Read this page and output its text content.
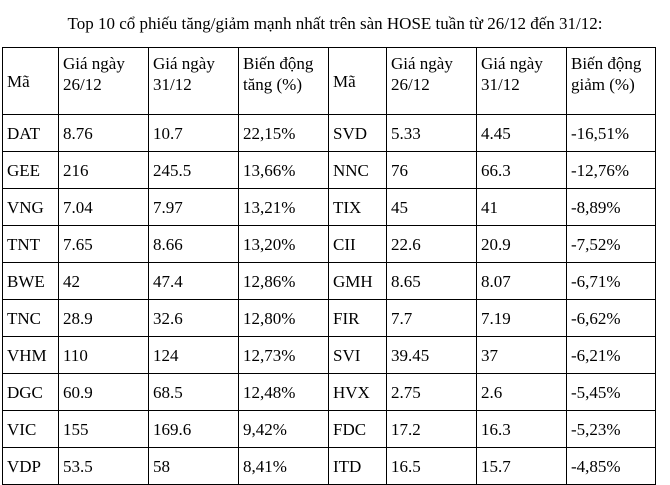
Top 10 cổ phiếu tăng/giảm mạnh nhất trên sàn HOSE tuần từ 26/12 đến 31/12:
Mã	Giá ngày 26/12	Giá ngày 31/12	Biến động tăng (%)	Mã	Giá ngày 26/12	Giá ngày 31/12	Biến động giảm (%)
DAT	8.76	10.7	22,15%	SVD	5.33	4.45	-16,51%
GEE	216	245.5	13,66%	NNC	76	66.3	-12,76%
VNG	7.04	7.97	13,21%	TIX	45	41	-8,89%
TNT	7.65	8.66	13,20%	CII	22.6	20.9	-7,52%
BWE	42	47.4	12,86%	GMH	8.65	8.07	-6,71%
TNC	28.9	32.6	12,80%	FIR	7.7	7.19	-6,62%
VHM	110	124	12,73%	SVI	39.45	37	-6,21%
DGC	60.9	68.5	12,48%	HVX	2.75	2.6	-5,45%
VIC	155	169.6	9,42%	FDC	17.2	16.3	-5,23%
VDP	53.5	58	8,41%	ITD	16.5	15.7	-4,85%
